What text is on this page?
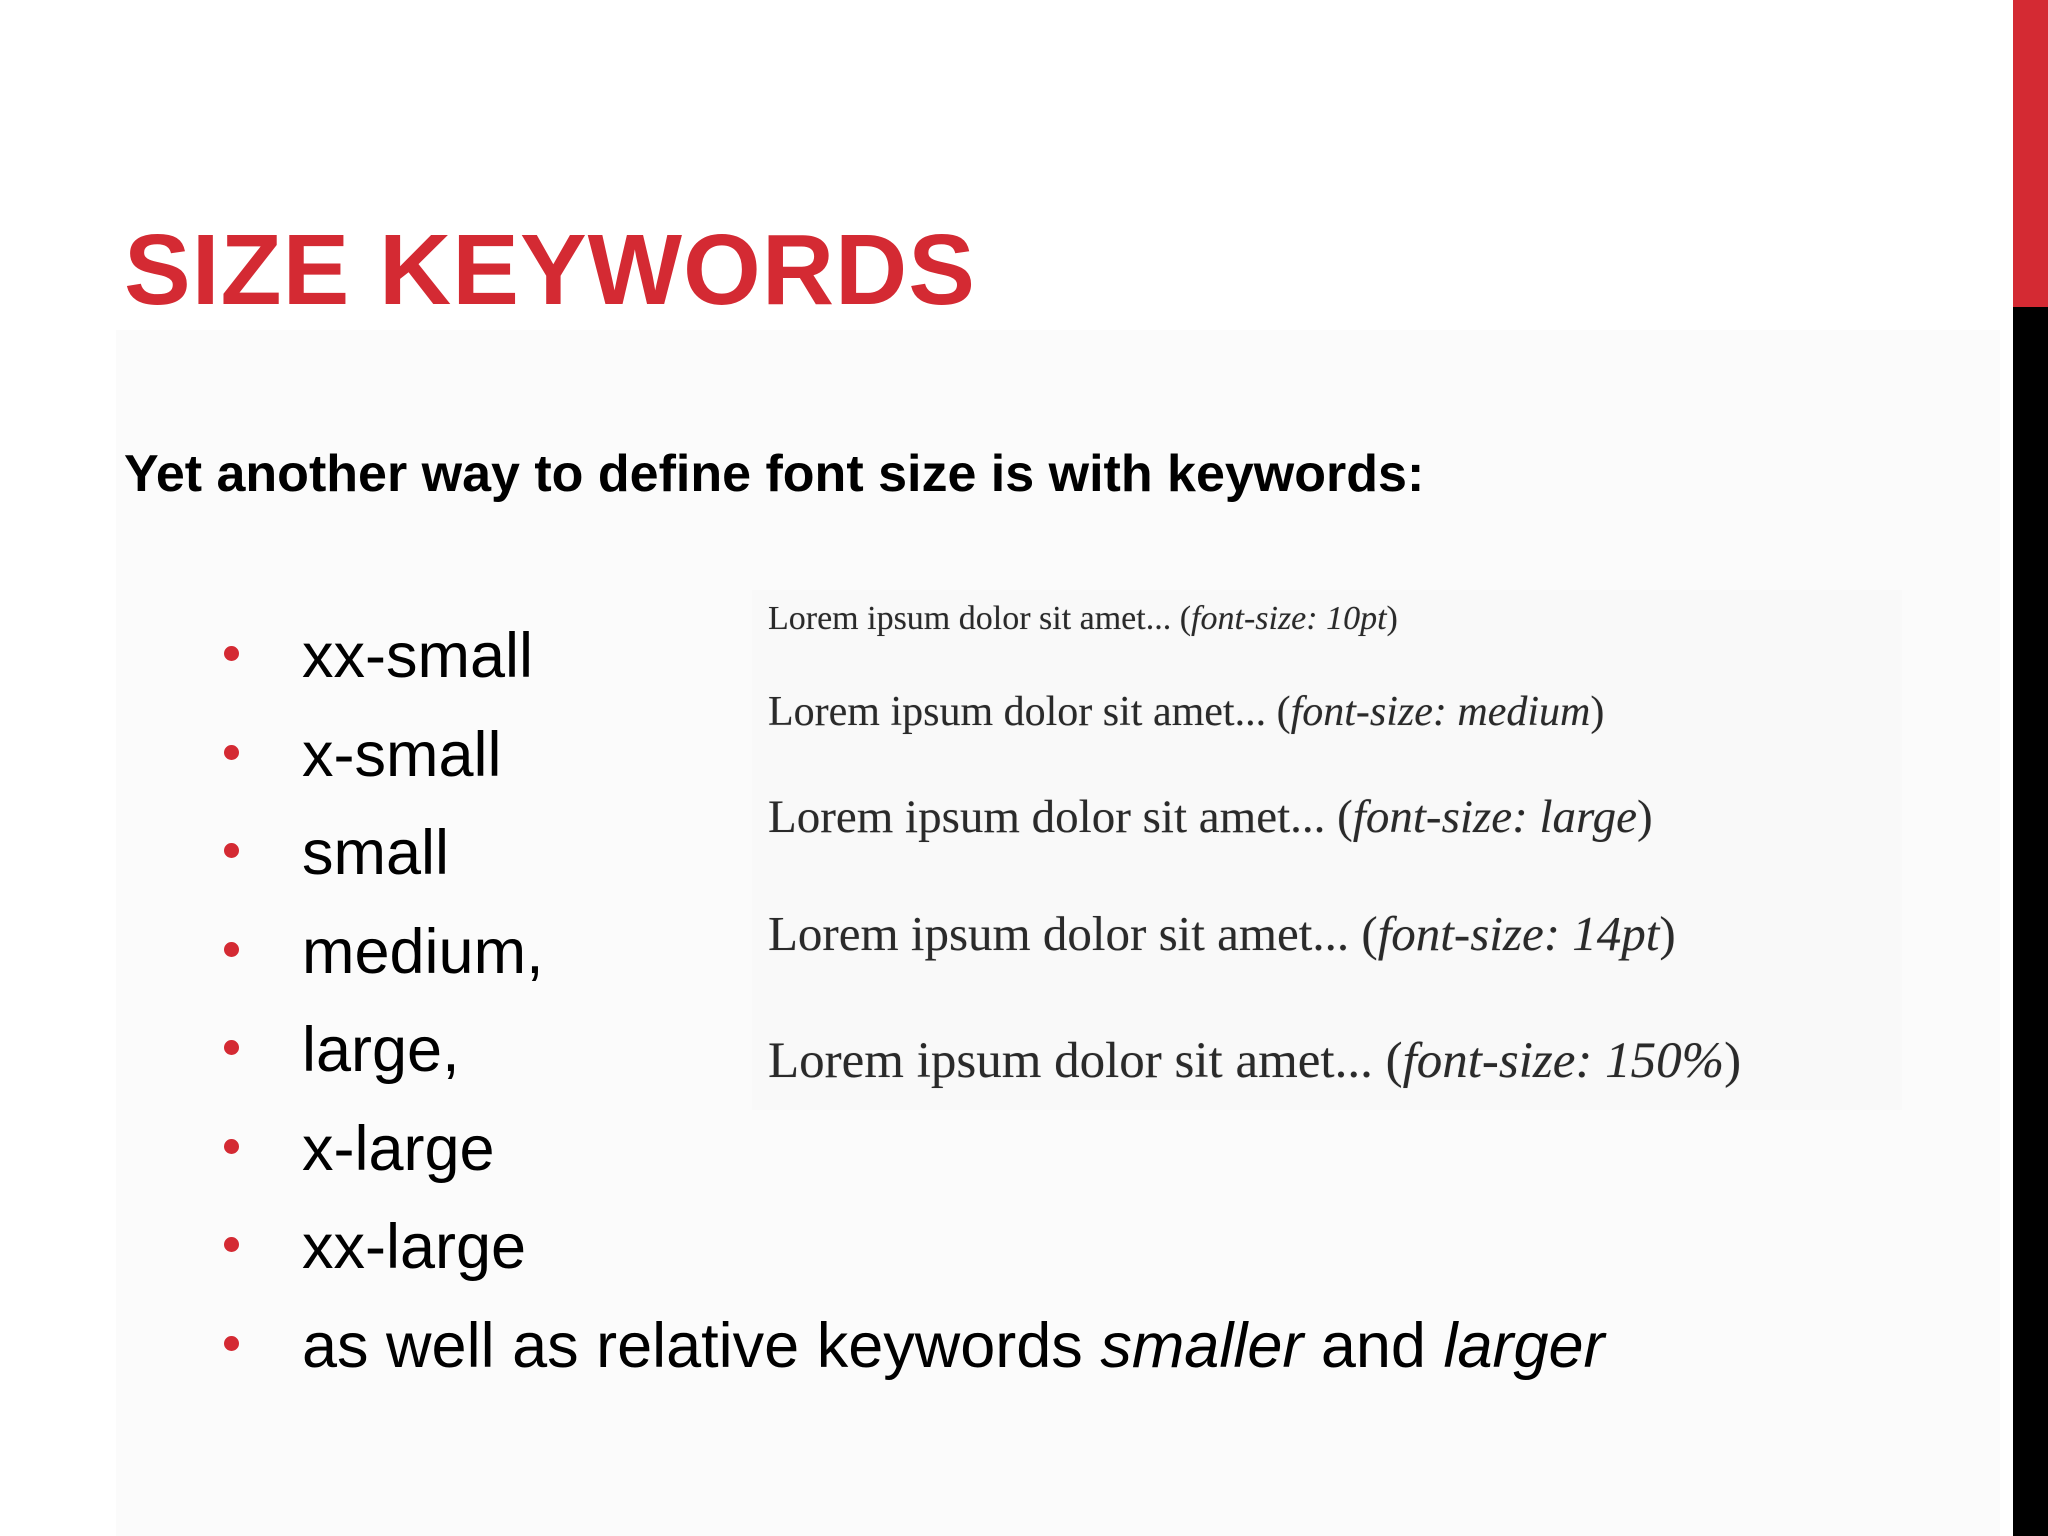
SIZE KEYWORDS

Yet another way to define font size is with keywords:

xx-small
x-small
small
medium,
large,
x-large
xx-large
as well as relative keywords smaller and larger
Lorem ipsum dolor sit amet... (font-size: 10pt)
Lorem ipsum dolor sit amet... (font-size: medium)
Lorem ipsum dolor sit amet... (font-size: large)
Lorem ipsum dolor sit amet... (font-size: 14pt)
Lorem ipsum dolor sit amet... (font-size: 150%)
